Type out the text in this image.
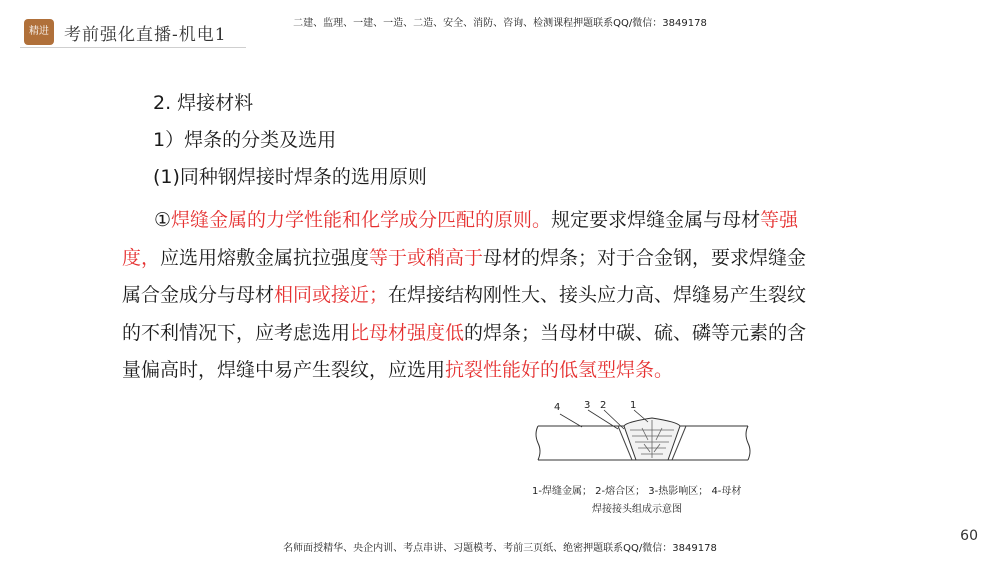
精进 考前强化直播-机电1
二建、监理、一建、一造、二造、安全、消防、咨询、检测课程押题联系QQ/微信：3849178
2. 焊接材料
1）焊条的分类及选用
(1)同种钢焊接时焊条的选用原则
①焊缝金属的力学性能和化学成分匹配的原则。规定要求焊缝金属与母材等强度，应选用熔敷金属抗拉强度等于或稍高于母材的焊条；对于合金钢，要求焊缝金属合金成分与母材相同或接近；在焊接结构刚性大、接头应力高、焊缝易产生裂纹的不利情况下，应考虑选用比母材强度低的焊条；当母材中碳、硫、磷等元素的含量偏高时，焊缝中易产生裂纹，应选用抗裂性能好的低氢型焊条。
4 3 2 1
1-焊缝金属； 2-熔合区； 3-热影响区； 4-母材
焊接接头组成示意图
名师面授精华、央企内训、考点串讲、习题模考、考前三页纸、绝密押题联系QQ/微信：3849178
60
